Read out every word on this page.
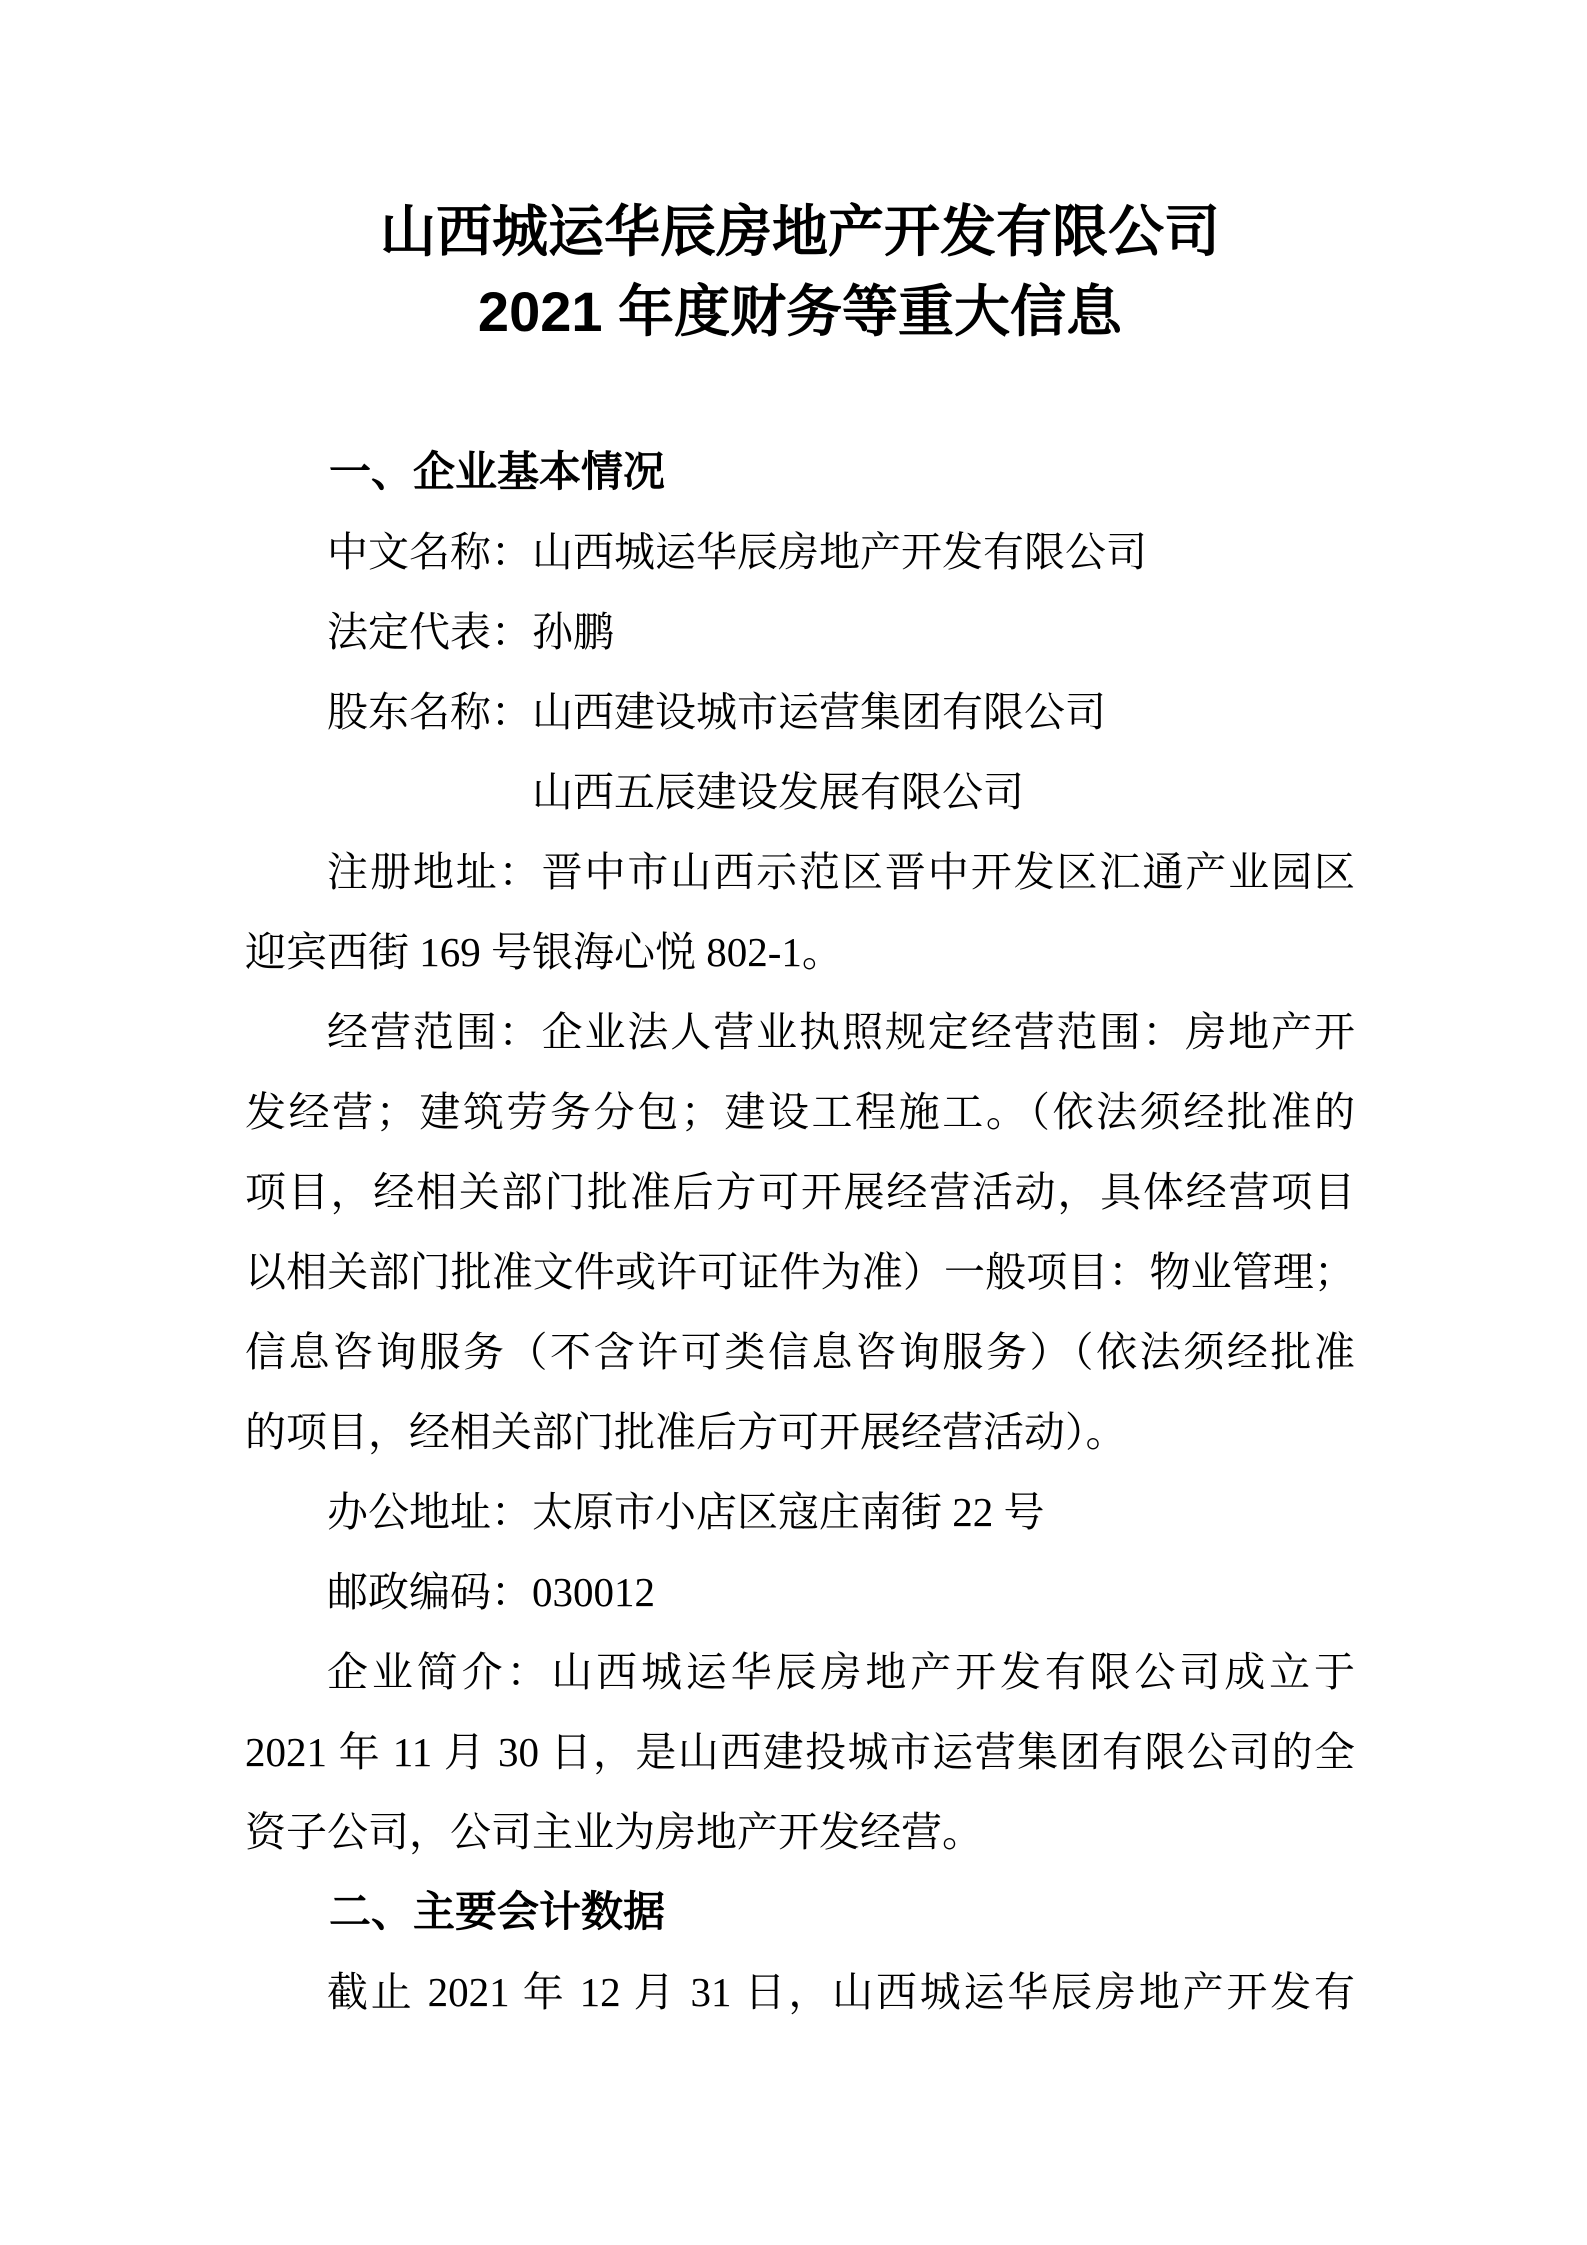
山西城运华辰房地产开发有限公司
2021 年度财务等重大信息
一、企业基本情况
中文名称：山西城运华辰房地产开发有限公司
法定代表：孙鹏
股东名称：山西建设城市运营集团有限公司
山西五辰建设发展有限公司
注册地址：晋中市山西示范区晋中开发区汇通产业园区
迎宾西街 169 号银海心悦 802-1。
经营范围：企业法人营业执照规定经营范围：房地产开
发经营；建筑劳务分包；建设工程施工。（依法须经批准的
项目，经相关部门批准后方可开展经营活动，具体经营项目
以相关部门批准文件或许可证件为准）一般项目：物业管理；
信息咨询服务（不含许可类信息咨询服务）（依法须经批准
的项目，经相关部门批准后方可开展经营活动）。
办公地址：太原市小店区寇庄南街 22 号
邮政编码：030012
企业简介：山西城运华辰房地产开发有限公司成立于
2021 年 11 月 30 日，是山西建投城市运营集团有限公司的全
资子公司，公司主业为房地产开发经营。
二、主要会计数据
截止 2021 年 12 月 31 日，山西城运华辰房地产开发有
